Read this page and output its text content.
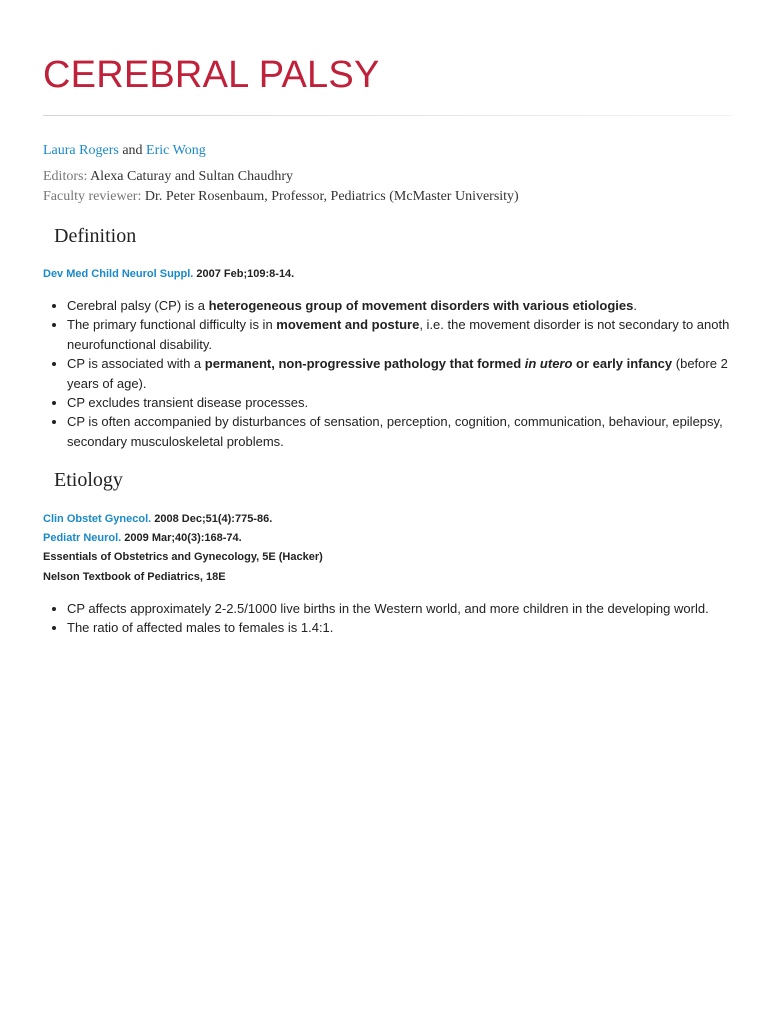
CEREBRAL PALSY
Laura Rogers and Eric Wong
Editors: Alexa Caturay and Sultan Chaudhry
Faculty reviewer: Dr. Peter Rosenbaum, Professor, Pediatrics (McMaster University)
Definition
Dev Med Child Neurol Suppl. 2007 Feb;109:8-14.
Cerebral palsy (CP) is a heterogeneous group of movement disorders with various etiologies.
The primary functional difficulty is in movement and posture, i.e. the movement disorder is not secondary to anoth
neurofunctional disability.
CP is associated with a permanent, non-progressive pathology that formed in utero or early infancy (before 2
years of age).
CP excludes transient disease processes.
CP is often accompanied by disturbances of sensation, perception, cognition, communication, behaviour, epilepsy,
secondary musculoskeletal problems.
Etiology
Clin Obstet Gynecol. 2008 Dec;51(4):775-86.
Pediatr Neurol. 2009 Mar;40(3):168-74.
Essentials of Obstetrics and Gynecology, 5E (Hacker)
Nelson Textbook of Pediatrics, 18E
CP affects approximately 2-2.5/1000 live births in the Western world, and more children in the developing world.
The ratio of affected males to females is 1.4:1.
